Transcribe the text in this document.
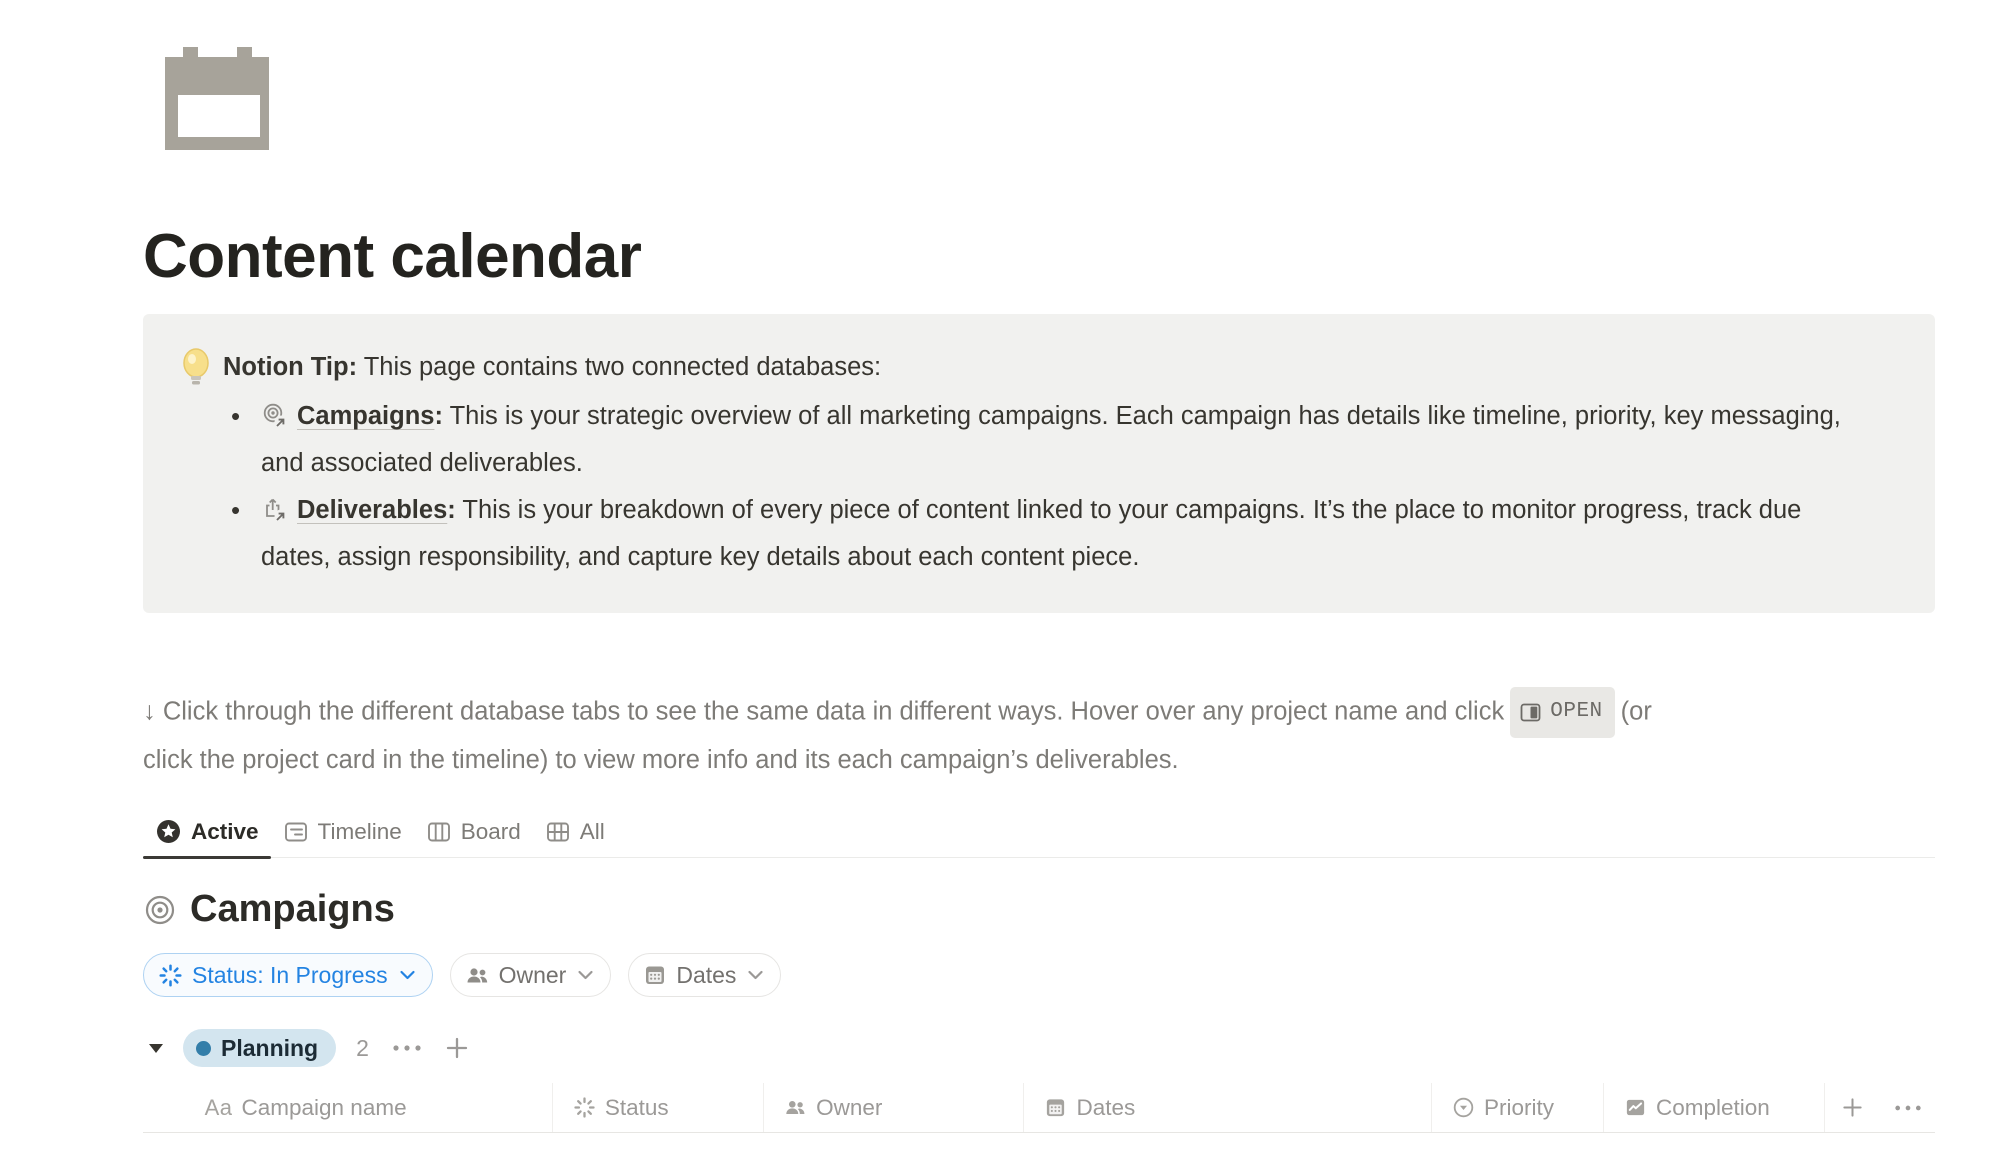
Content calendar
Notion Tip: This page contains two connected databases:
• Campaigns: This is your strategic overview of all marketing campaigns. Each campaign has details like timeline, priority, key messaging, and associated deliverables.
• Deliverables: This is your breakdown of every piece of content linked to your campaigns. It’s the place to monitor progress, track due dates, assign responsibility, and capture key details about each content piece.

↓ Click through the different database tabs to see the same data in different ways. Hover over any project name and click OPEN (or
click the project card in the timeline) to view more info and its each campaign’s deliverables.

Active	Timeline	Board	All
Campaigns
Status: In Progress	Owner	Dates
Planning 2
Aa Campaign name	Status	Owner	Dates	Priority	Completion
